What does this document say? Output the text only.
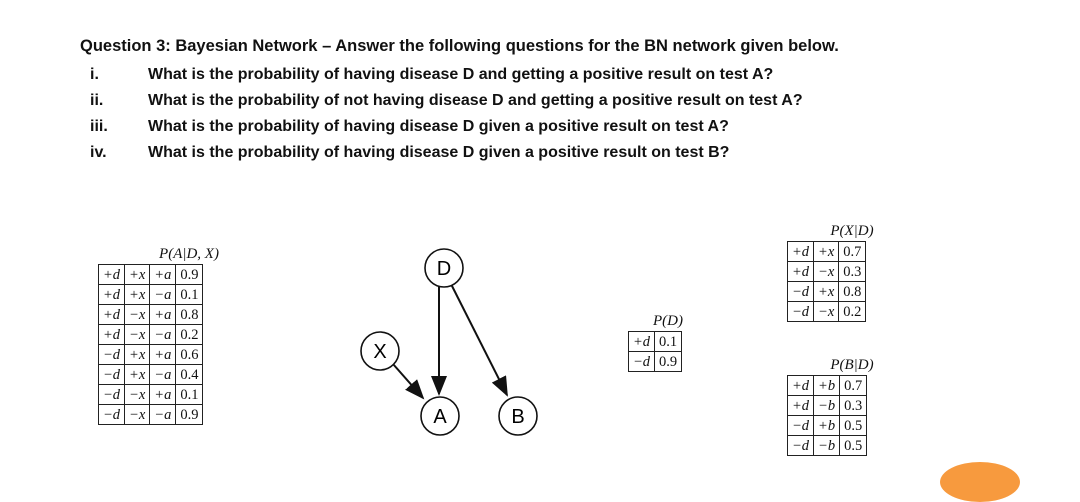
Question 3: Bayesian Network – Answer the following questions for the BN network given below.
i.	What is the probability of having disease D and getting a positive result on test A?
ii.	What is the probability of not having disease D and getting a positive result on test A?
iii.	What is the probability of having disease D given a positive result on test A?
iv.	What is the probability of having disease D given a positive result on test B?
P(A|D, X)
+d	+x	+a	0.9
+d	+x	−a	0.1
+d	−x	+a	0.8
+d	−x	−a	0.2
−d	+x	+a	0.6
−d	+x	−a	0.4
−d	−x	+a	0.1
−d	−x	−a	0.9
P(D)
+d	0.1
−d	0.9
P(X|D)
+d	+x	0.7
+d	−x	0.3
−d	+x	0.8
−d	−x	0.2
P(B|D)
+d	+b	0.7
+d	−b	0.3
−d	+b	0.5
−d	−b	0.5
D
X
A	B
